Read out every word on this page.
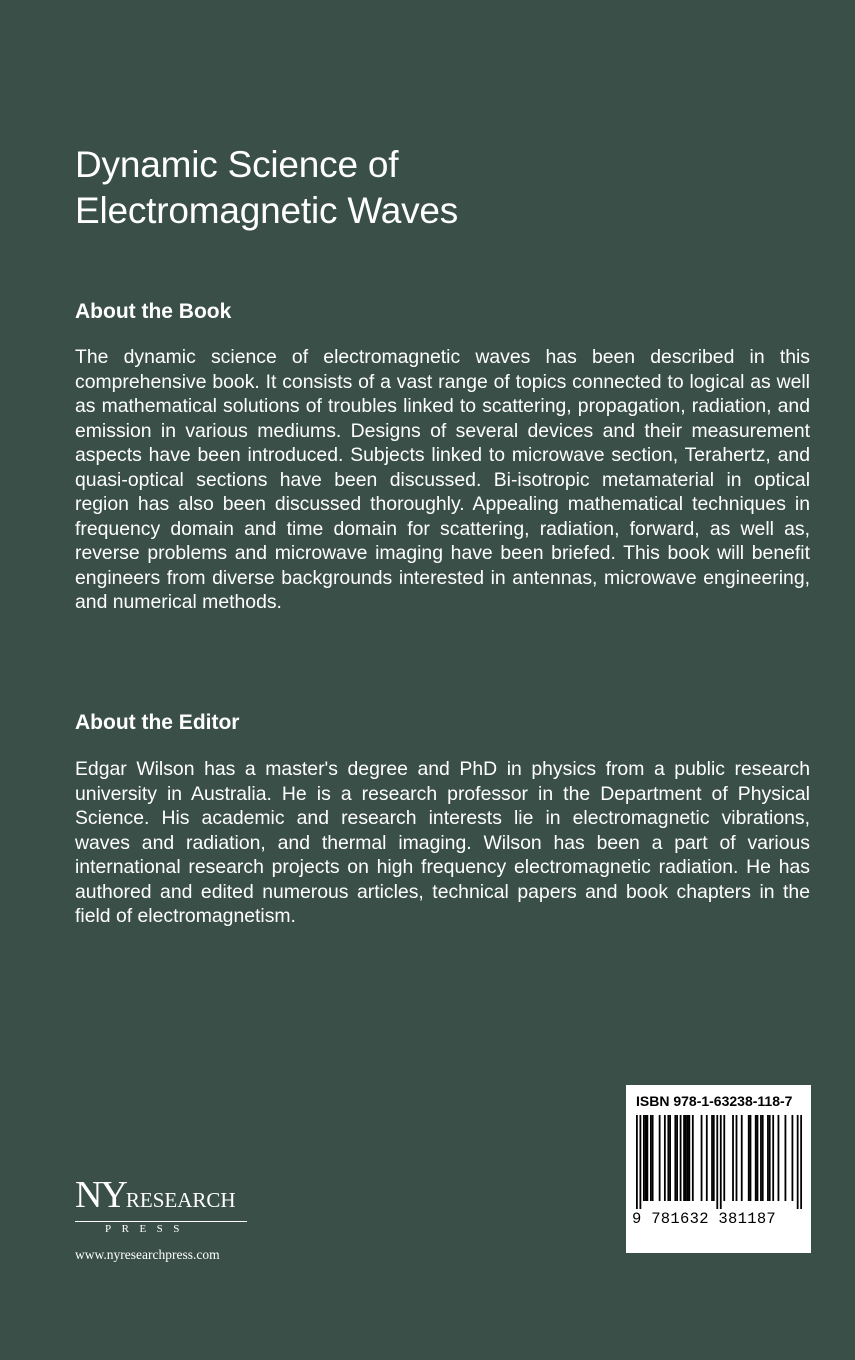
Dynamic Science of
Electromagnetic Waves
About the Book

The dynamic science of electromagnetic waves has been described in this comprehensive book. It consists of a vast range of topics connected to logical as well as mathematical solutions of troubles linked to scattering, propagation, radiation, and emission in various mediums. Designs of several devices and their measurement aspects have been introduced. Subjects linked to microwave section, Terahertz, and quasi-optical sections have been discussed. Bi-isotropic metamaterial in optical region has also been discussed thoroughly. Appealing mathematical techniques in frequency domain and time domain for scattering, radiation, forward, as well as, reverse problems and microwave imaging have been briefed. This book will benefit engineers from diverse backgrounds interested in antennas, microwave engineering, and numerical methods.

About the Editor

Edgar Wilson has a master's degree and PhD in physics from a public research university in Australia. He is a research professor in the Department of Physical Science. His academic and research interests lie in electromagnetic vibrations, waves and radiation, and thermal imaging. Wilson has been a part of various international research projects on high frequency electromagnetic radiation. He has authored and edited numerous articles, technical papers and book chapters in the field of electromagnetism.

ISBN 978-1-63238-118-7
9 781632 381187
NYRESEARCH
PRESS
www.nyresearchpress.com
